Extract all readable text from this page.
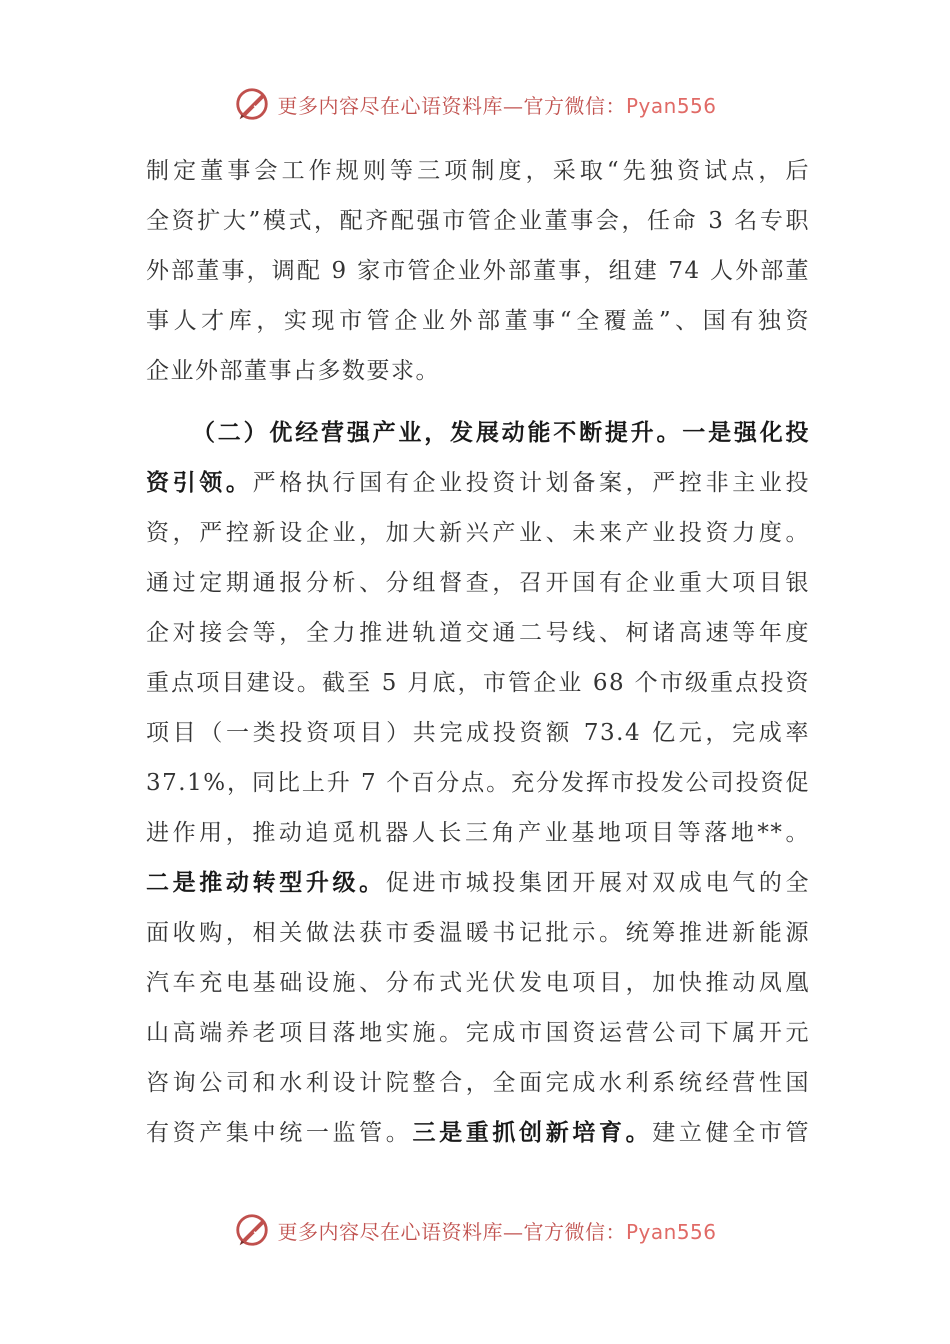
更多内容尽在心语资料库—官方微信：Pyan556
制定董事会工作规则等三项制度，采取“先独资试点，后
全资扩大”模式，配齐配强市管企业董事会，任命 3 名专职
外部董事，调配 9 家市管企业外部董事，组建 74 人外部董
事人才库，实现市管企业外部董事“全覆盖”、国有独资
企业外部董事占多数要求。
（二）优经营强产业，发展动能不断提升。一是强化投
资引领。严格执行国有企业投资计划备案，严控非主业投
资，严控新设企业，加大新兴产业、未来产业投资力度。
通过定期通报分析、分组督查，召开国有企业重大项目银
企对接会等，全力推进轨道交通二号线、柯诸高速等年度
重点项目建设。截至 5 月底，市管企业 68 个市级重点投资
项目（一类投资项目）共完成投资额 73.4 亿元，完成率
37.1%，同比上升 7 个百分点。充分发挥市投发公司投资促
进作用，推动追觅机器人长三角产业基地项目等落地**。
二是推动转型升级。促进市城投集团开展对双成电气的全
面收购，相关做法获市委温暖书记批示。统筹推进新能源
汽车充电基础设施、分布式光伏发电项目，加快推动凤凰
山高端养老项目落地实施。完成市国资运营公司下属开元
咨询公司和水利设计院整合，全面完成水利系统经营性国
有资产集中统一监管。三是重抓创新培育。建立健全市管
更多内容尽在心语资料库—官方微信：Pyan556
